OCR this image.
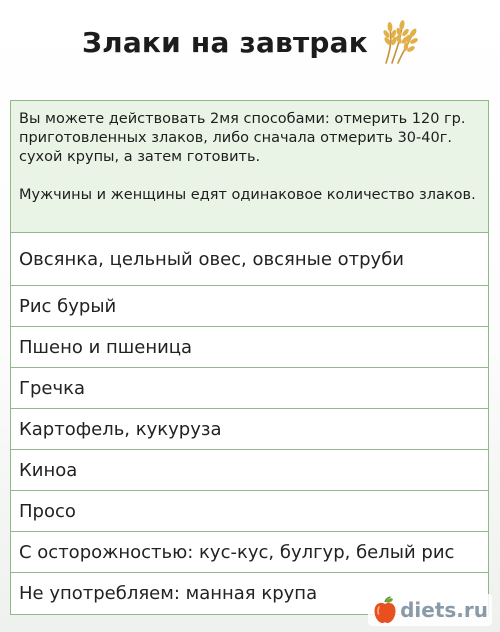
Злаки на завтрак

Вы можете действовать 2мя способами: отмерить 120 гр. приготовленных злаков, либо сначала отмерить 30-40г. сухой крупы, а затем готовить.

Мужчины и женщины едят одинаковое количество злаков.

Овсянка, цельный овес, овсяные отруби
Рис бурый
Пшено и пшеница
Гречка
Картофель, кукуруза
Киноа
Просо
С осторожностью: кус-кус, булгур, белый рис
Не употребляем: манная крупа
diets.ru
